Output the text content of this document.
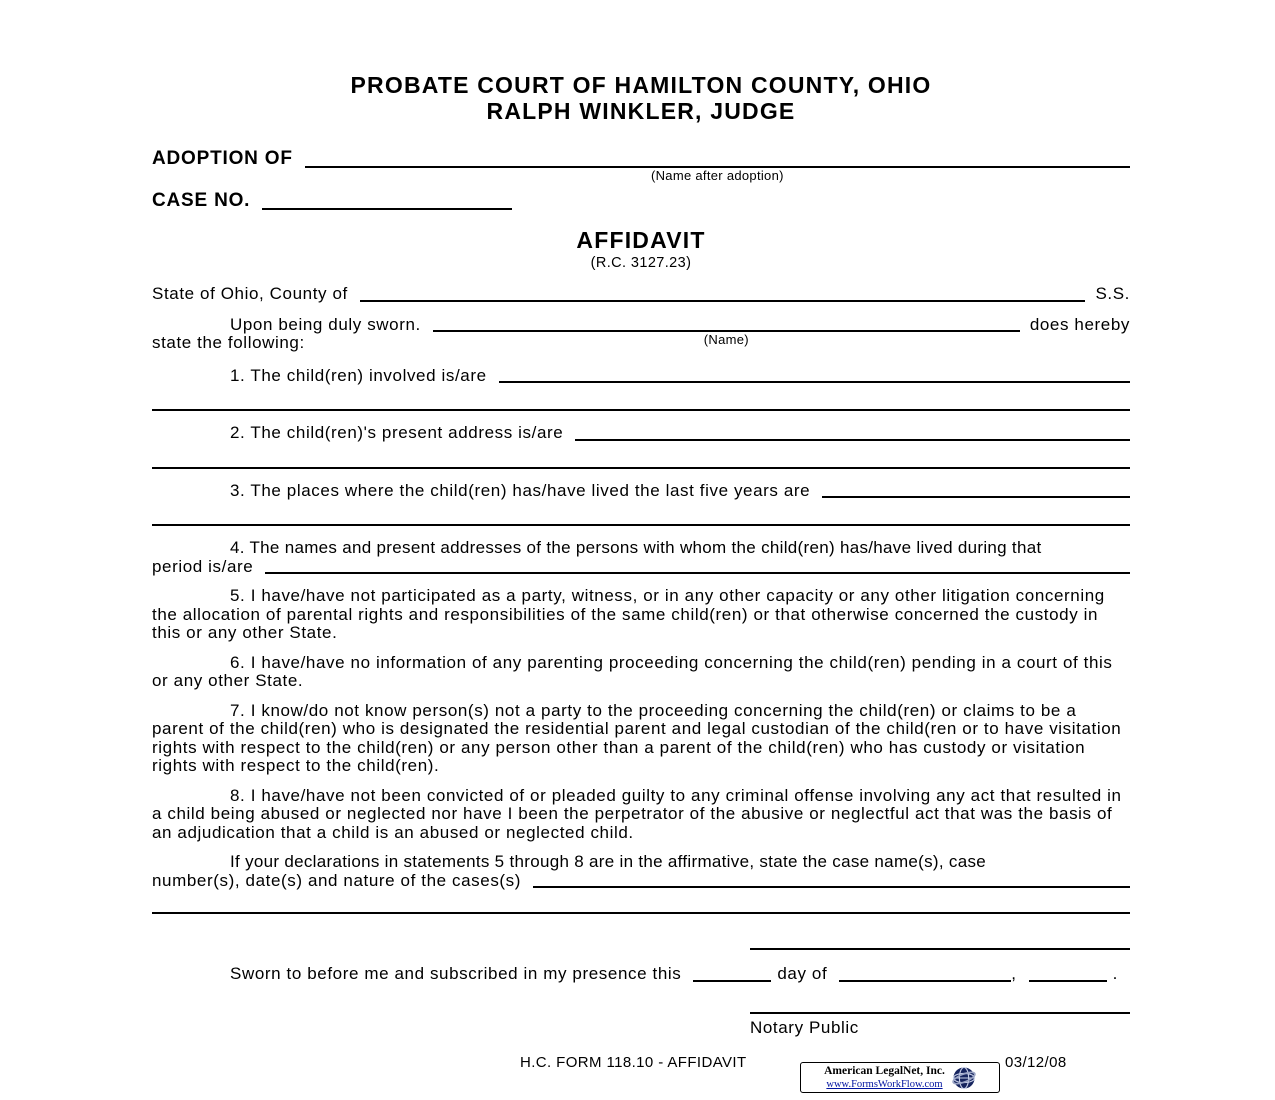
PROBATE COURT OF HAMILTON COUNTY, OHIO
RALPH WINKLER, JUDGE
ADOPTION OF
(Name after adoption)
CASE NO.
AFFIDAVIT
(R.C. 3127.23)
State of Ohio, County of	S.S.
Upon being duly sworn.
(Name)
does hereby
state the following:
1. The child(ren) involved is/are
2. The child(ren)'s present address is/are
3. The places where the child(ren) has/have lived the last five years are
4. The names and present addresses of the persons with whom the child(ren) has/have lived during that
period is/are

5. I have/have not participated as a party, witness, or in any other capacity or any other litigation concerning the allocation of parental rights and responsibilities of the same child(ren) or that otherwise concerned the custody in this or any other State.

6. I have/have no information of any parenting proceeding concerning the child(ren) pending in a court of this or any other State.

7. I know/do not know person(s) not a party to the proceeding concerning the child(ren) or claims to be a parent of the child(ren) who is designated the residential parent and legal custodian of the child(ren or to have visitation rights with respect to the child(ren) or any person other than a parent of the child(ren) who has custody or visitation rights with respect to the child(ren).

8. I have/have not been convicted of or pleaded guilty to any criminal offense involving any act that resulted in a child being abused or neglected nor have I been the perpetrator of the abusive or neglectful act that was the basis of an adjudication that a child is an abused or neglected child.

If your declarations in statements 5 through 8 are in the affirmative, state the case name(s), case
number(s), date(s) and nature of the cases(s)
Sworn to before me and subscribed in my presence this	day of	,	.
Notary Public
H.C. FORM 118.10 - AFFIDAVIT	03/12/08
American LegalNet, Inc.
www.FormsWorkFlow.com
